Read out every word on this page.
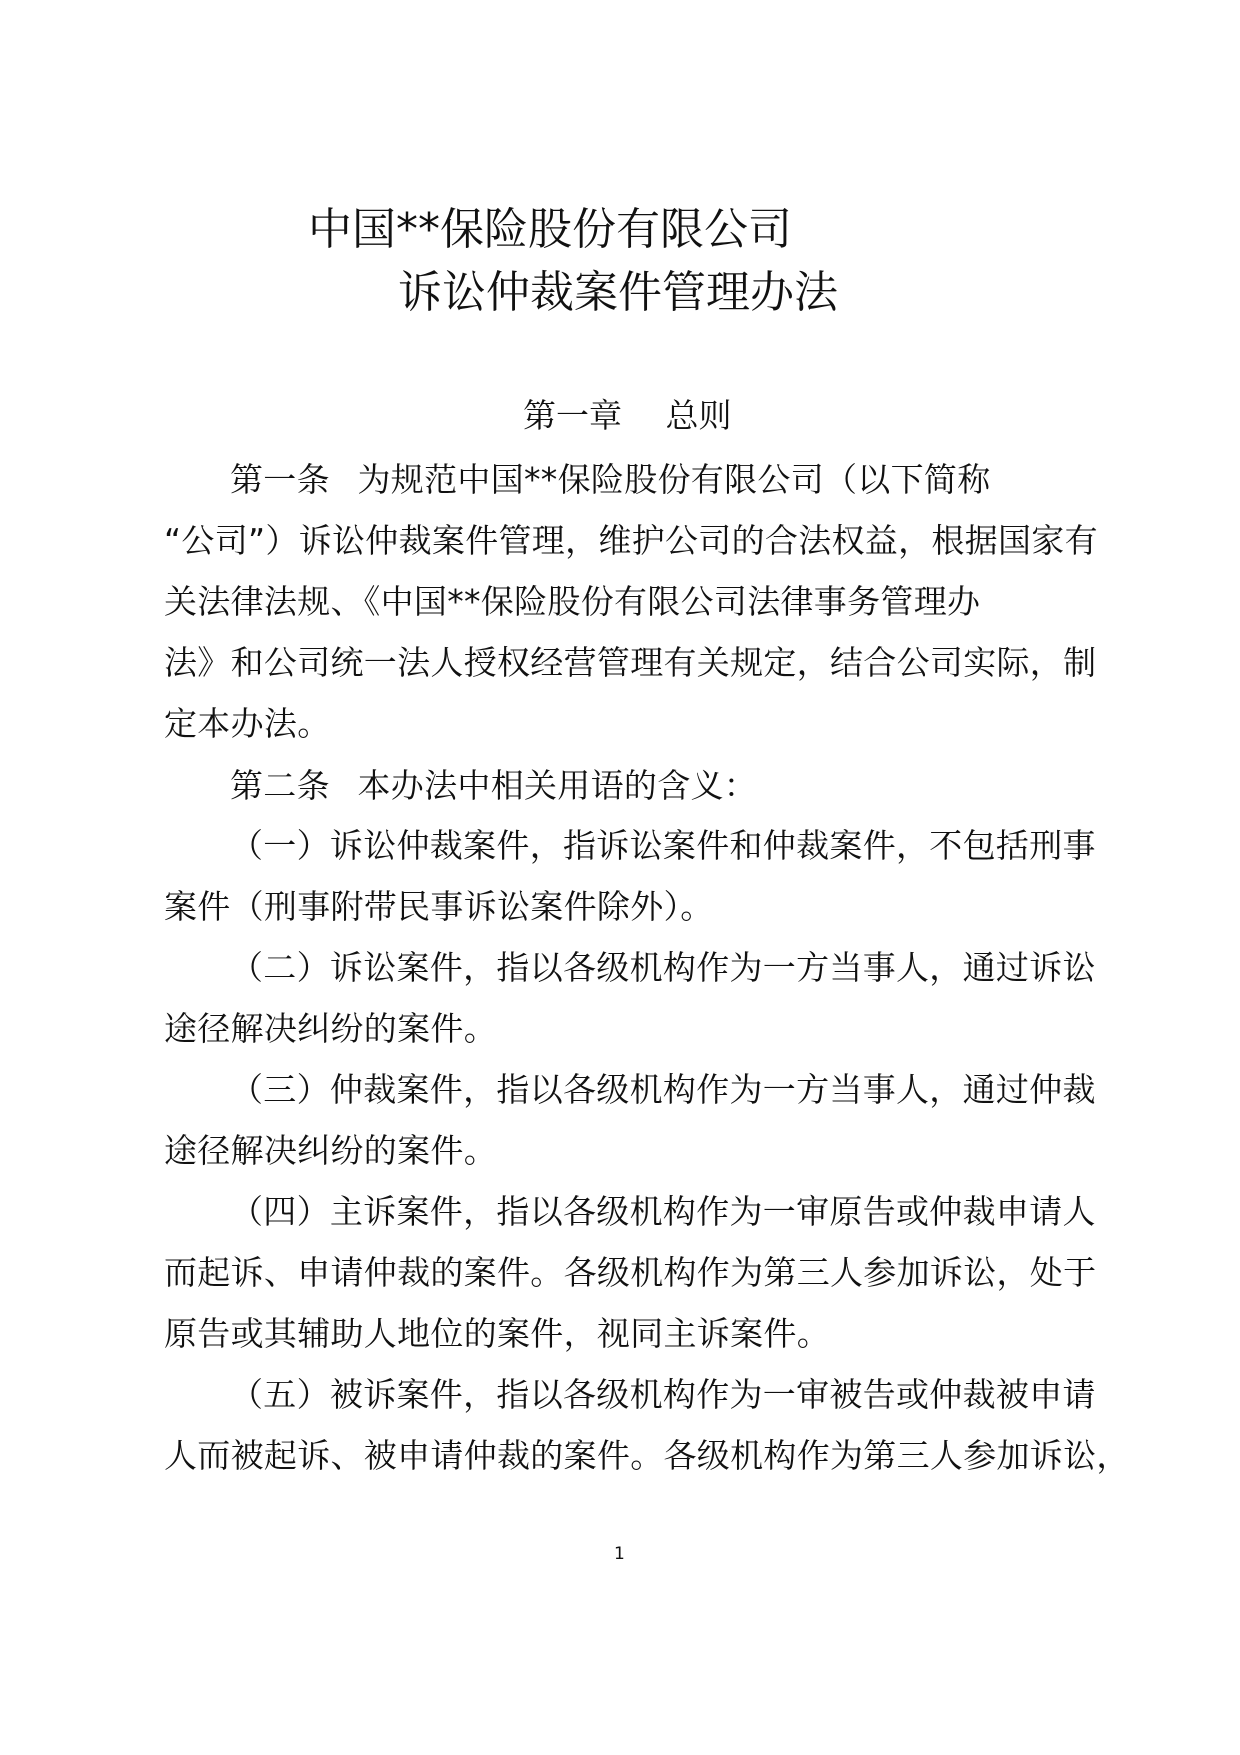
中国**保险股份有限公司
诉讼仲裁案件管理办法
第一章　 总则
第一条  为规范中国**保险股份有限公司（以下简称
“公司”）诉讼仲裁案件管理，维护公司的合法权益，根据国家有
关法律法规、《中国**保险股份有限公司法律事务管理办
法》和公司统一法人授权经营管理有关规定，结合公司实际，制
定本办法。
第二条  本办法中相关用语的含义：
（一）诉讼仲裁案件，指诉讼案件和仲裁案件，不包括刑事
案件（刑事附带民事诉讼案件除外）。
（二）诉讼案件，指以各级机构作为一方当事人，通过诉讼
途径解决纠纷的案件。
（三）仲裁案件，指以各级机构作为一方当事人，通过仲裁
途径解决纠纷的案件。
（四）主诉案件，指以各级机构作为一审原告或仲裁申请人
而起诉、申请仲裁的案件。各级机构作为第三人参加诉讼，处于
原告或其辅助人地位的案件，视同主诉案件。
（五）被诉案件，指以各级机构作为一审被告或仲裁被申请
人而被起诉、被申请仲裁的案件。各级机构作为第三人参加诉讼，
1
